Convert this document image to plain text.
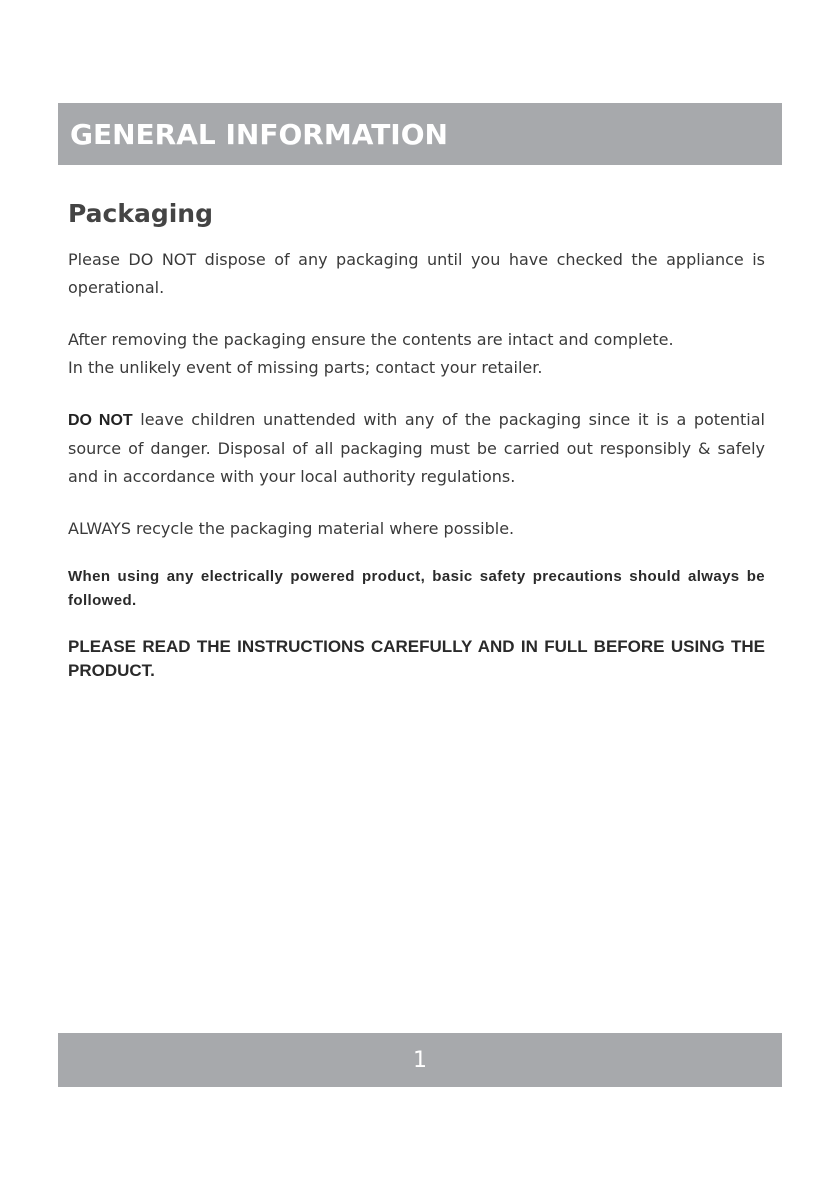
GENERAL INFORMATION
Packaging

Please DO NOT dispose of any packaging until you have checked the appliance is operational.

After removing the packaging ensure the contents are intact and complete.

In the unlikely event of missing parts; contact your retailer.

DO NOT leave children unattended with any of the packaging since it is a potential source of danger. Disposal of all packaging must be carried out responsibly & safely and in accordance with your local authority regulations.

ALWAYS recycle the packaging material where possible.

When using any electrically powered product, basic safety precautions should always be followed.

PLEASE READ THE INSTRUCTIONS CAREFULLY AND IN FULL BEFORE USING THE PRODUCT.

1
